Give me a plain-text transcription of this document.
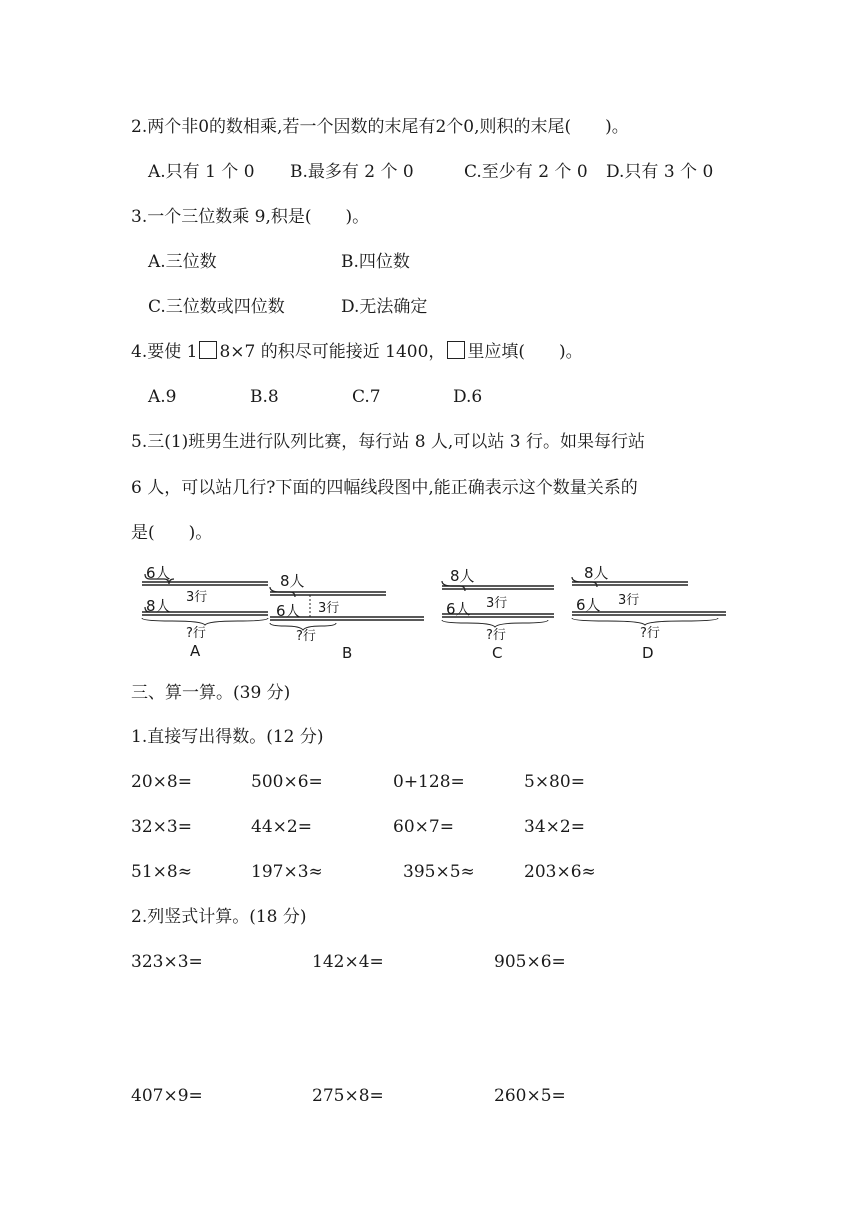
2.两个非0的数相乘,若一个因数的末尾有2个0,则积的末尾(　　)。
A.只有 1 个 0 B.最多有 2 个 0	C.至少有 2 个 0 D.只有 3 个 0
3.一个三位数乘 9,积是(　　)。
A.三位数	B.四位数
C.三位数或四位数	D.无法确定
4.要使 1 8×7 的积尽可能接近 1400， 里应填(　　)。
A.9	B.8	C.7	D.6
5.三(1)班男生进行队列比赛，每行站 8 人,可以站 3 行。如果每行站
6 人，可以站几行?下面的四幅线段图中,能正确表示这个数量关系的
是(　　)。
6人
3行
8人
?行
A
8人
3行
6人
?行
B
8人
3行
6人
?行
C
8人
3行
6人
?行
D
三、算一算。(39 分)
1.直接写出得数。(12 分)
20×8=	500×6=	0+128=	5×80=
32×3=	44×2=	60×7=	34×2=
51×8≈	197×3≈	395×5≈	203×6≈
2.列竖式计算。(18 分)
323×3=	142×4=	905×6=
407×9=	275×8=	260×5=
